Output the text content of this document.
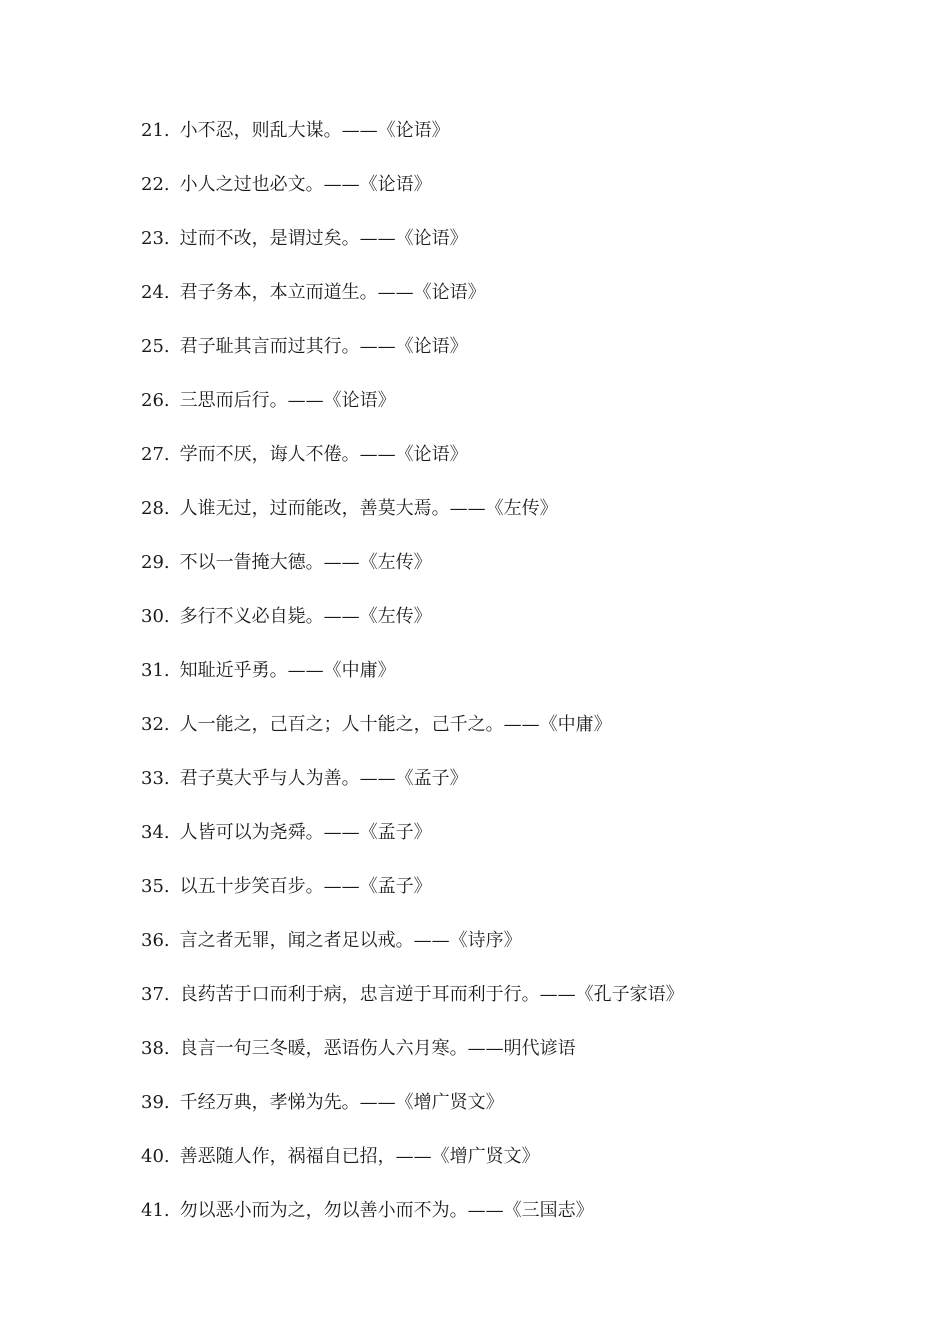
21. 小不忍，则乱大谋。——《论语》
22. 小人之过也必文。——《论语》
23. 过而不改，是谓过矣。——《论语》
24. 君子务本，本立而道生。——《论语》
25. 君子耻其言而过其行。——《论语》
26. 三思而后行。——《论语》
27. 学而不厌，诲人不倦。——《论语》
28. 人谁无过，过而能改，善莫大焉。——《左传》
29. 不以一眚掩大德。——《左传》
30. 多行不义必自毙。——《左传》
31. 知耻近乎勇。——《中庸》
32. 人一能之，己百之；人十能之，己千之。——《中庸》
33. 君子莫大乎与人为善。——《孟子》
34. 人皆可以为尧舜。——《孟子》
35. 以五十步笑百步。——《孟子》
36. 言之者无罪，闻之者足以戒。——《诗序》
37. 良药苦于口而利于病，忠言逆于耳而利于行。——《孔子家语》
38. 良言一句三冬暖，恶语伤人六月寒。——明代谚语
39. 千经万典，孝悌为先。——《增广贤文》
40. 善恶随人作，祸福自已招，——《增广贤文》
41. 勿以恶小而为之，勿以善小而不为。——《三国志》
